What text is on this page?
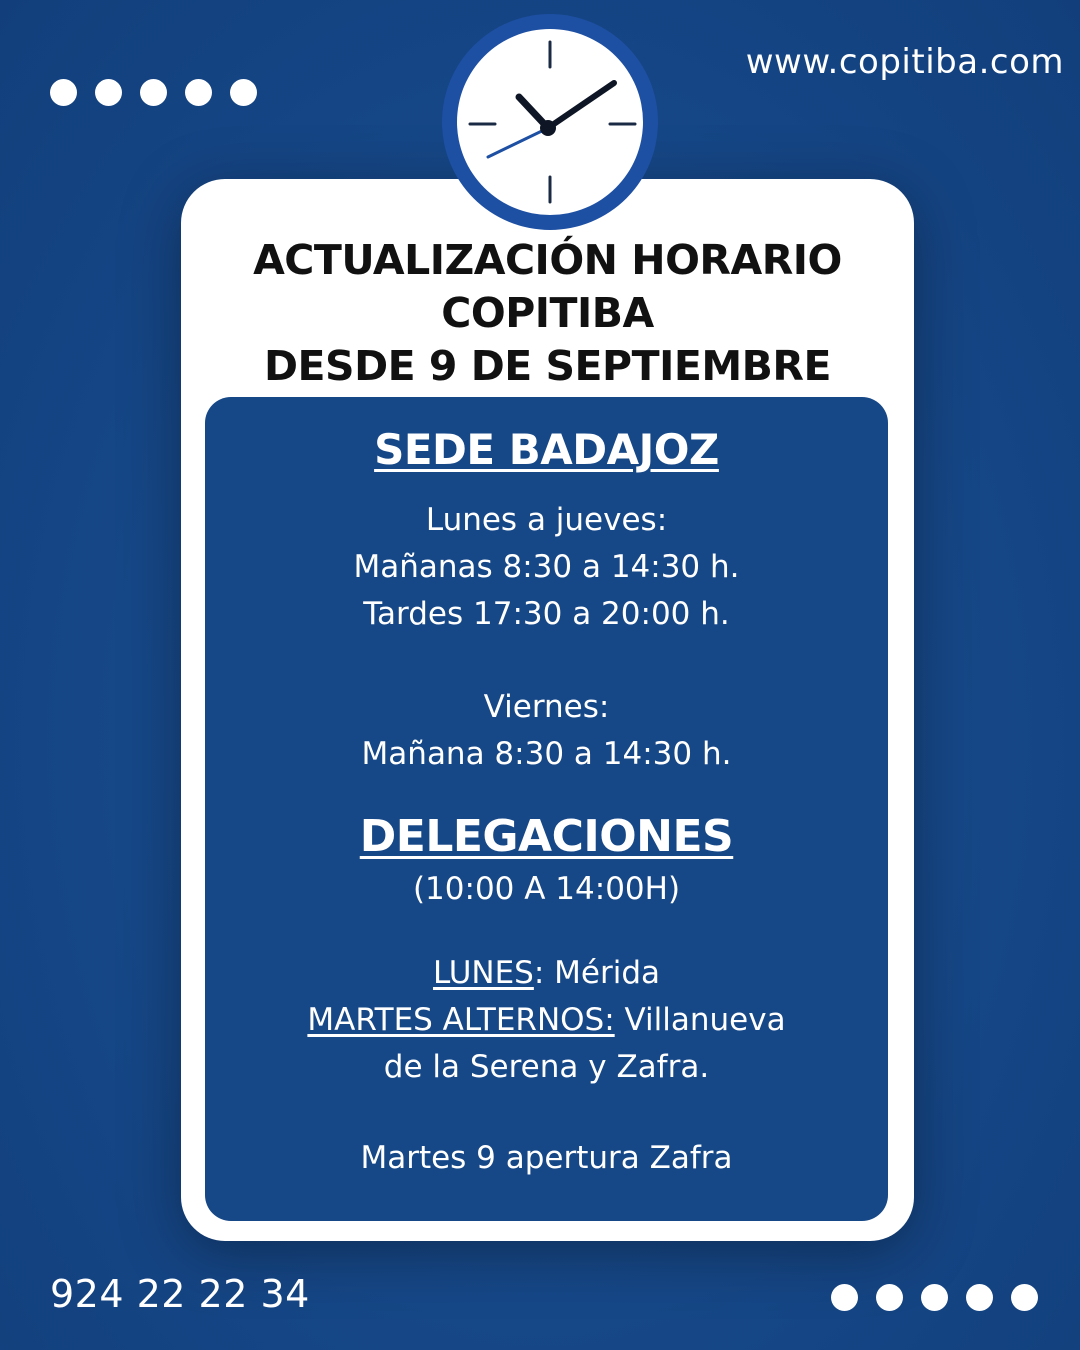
www.copitiba.com
ACTUALIZACIÓN HORARIO
COPITIBA
DESDE 9 DE SEPTIEMBRE
SEDE BADAJOZ
Lunes a jueves:
Mañanas 8:30 a 14:30 h.
Tardes 17:30 a 20:00 h.
Viernes:
Mañana 8:30 a 14:30 h.
DELEGACIONES
(10:00 A 14:00H)
LUNES: Mérida
MARTES ALTERNOS: Villanueva
de la Serena y Zafra.
Martes 9 apertura Zafra
924 22 22 34
